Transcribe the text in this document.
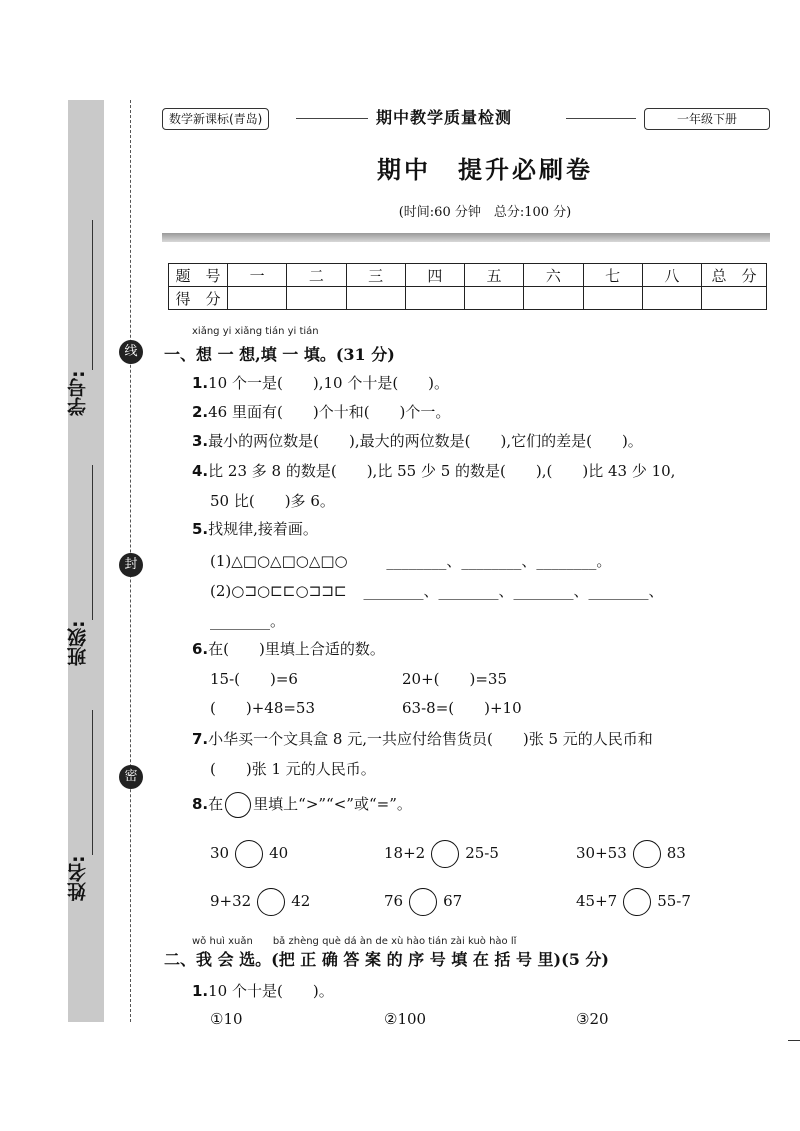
线
封
密
学号:
班级:
姓名:
数学新课标(青岛)	期中教学质量检测	一年级下册
期中　提升必刷卷
(时间:60 分钟　总分:100 分)
题　号	一	二	三	四	五	六	七	八	总　分
得　分									
xiǎng yi xiǎng tián yi tián
一、想 一 想,填 一 填。(31 分)
1.10 个一是(　　),10 个十是(　　)。
2.46 里面有(　　)个十和(　　)个一。
3.最小的两位数是(　　),最大的两位数是(　　),它们的差是(　　)。
4.比 23 多 8 的数是(　　),比 55 少 5 的数是(　　),(　　)比 43 少 10,
50 比(　　)多 6。
5.找规律,接着画。
(1)△□○△□○△□○	________、________、________。
(2)○⊐○⊏⊏○⊐⊐⊏ ________、________、________、________、
________。
6.在(　　)里填上合适的数。
15-(　　)=6	20+(　　)=35
(　　)+48=53	63-8=(　　)+10
7.小华买一个文具盒 8 元,一共应付给售货员(　　)张 5 元的人民币和
(　　)张 1 元的人民币。
8.在 里填上“>”“<”或“=”。
30	40	18+2	25-5	30+53	83
9+32	42	76	67	45+7	55-7
wǒ huì xuǎn　　bǎ zhèng què dá àn de xù hào tián zài kuò hào lǐ
二、我 会 选。(把 正 确 答 案 的 序 号 填 在 括 号 里)(5 分)
1.10 个十是(　　)。
①10	②100	③20
